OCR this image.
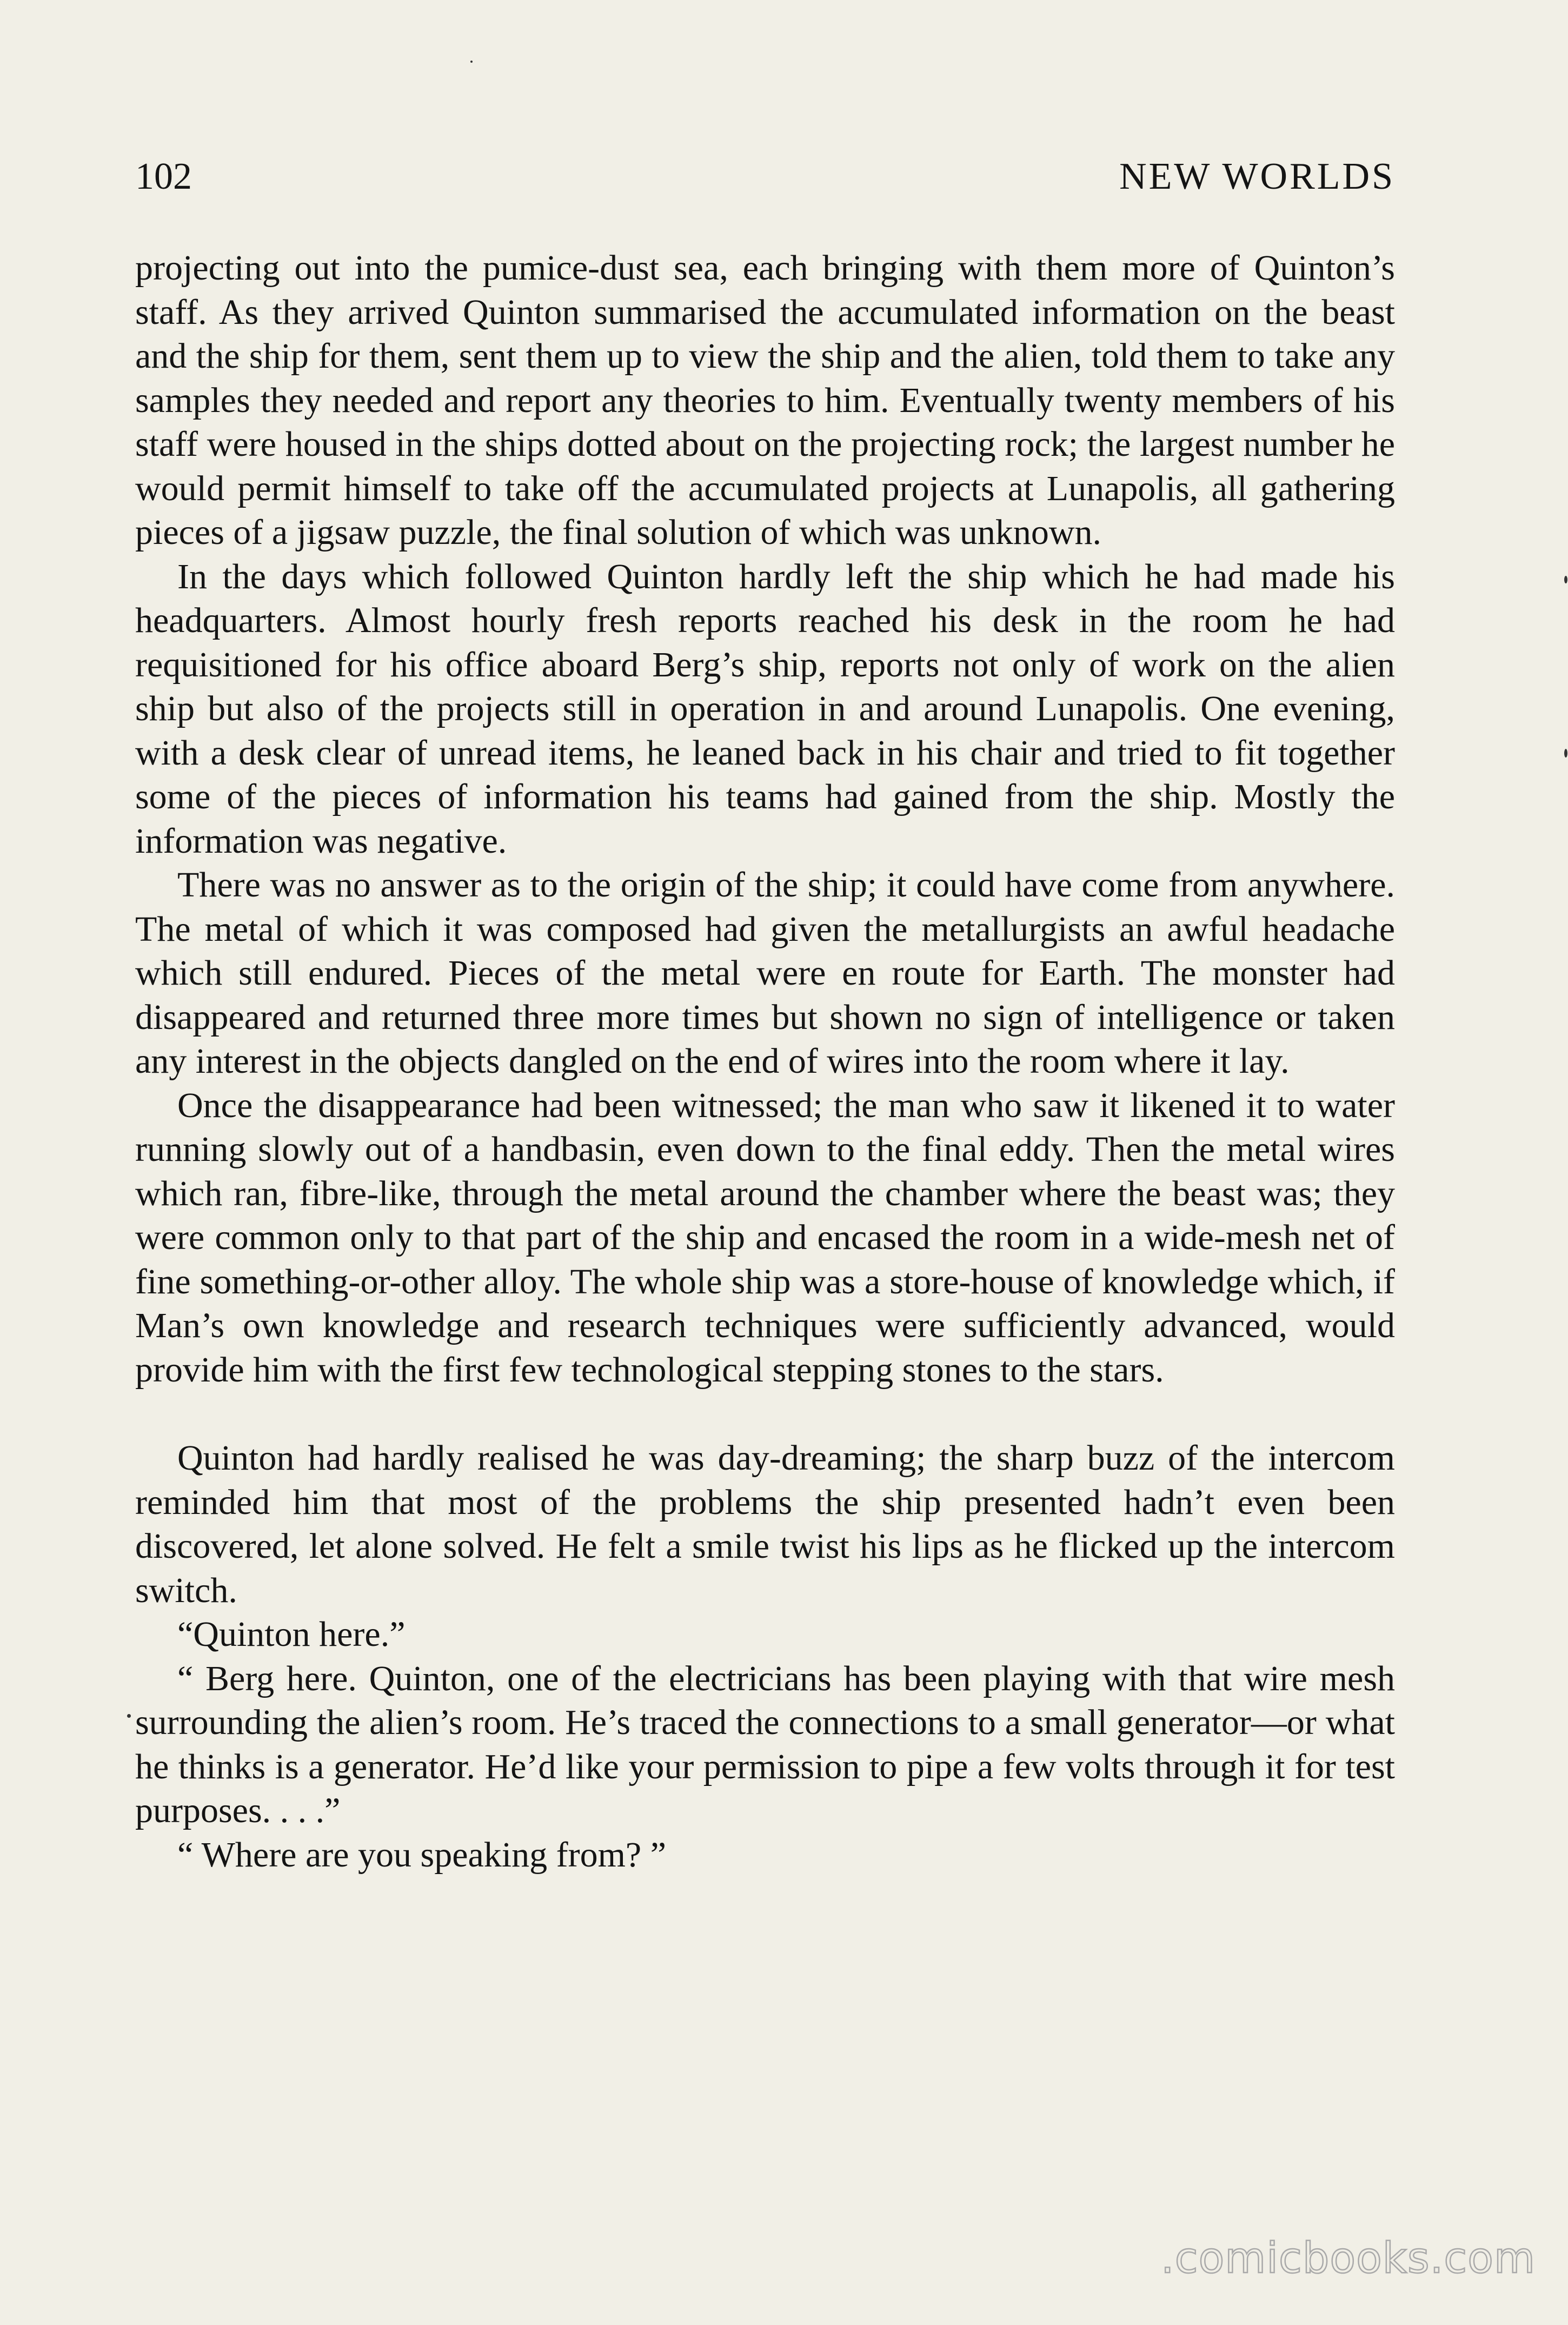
102	NEW WORLDS

projecting out into the pumice-dust sea, each bringing with them more of Quinton’s staff. As they arrived Quinton summarised the accumulated information on the beast and the ship for them, sent them up to view the ship and the alien, told them to take any samples they needed and report any theories to him. Eventually twenty members of his staff were housed in the ships dotted about on the projecting rock; the largest number he would permit himself to take off the accumulated projects at Lunapolis, all gathering pieces of a jigsaw puzzle, the final solution of which was unknown.

In the days which followed Quinton hardly left the ship which he had made his headquarters. Almost hourly fresh reports reached his desk in the room he had requisitioned for his office aboard Berg’s ship, reports not only of work on the alien ship but also of the projects still in operation in and around Lunapolis. One evening, with a desk clear of unread items, he leaned back in his chair and tried to fit together some of the pieces of information his teams had gained from the ship. Mostly the information was negative.

There was no answer as to the origin of the ship; it could have come from anywhere. The metal of which it was composed had given the metallurgists an awful headache which still endured. Pieces of the metal were en route for Earth. The monster had disappeared and returned three more times but shown no sign of intelligence or taken any interest in the objects dangled on the end of wires into the room where it lay.

Once the disappearance had been witnessed; the man who saw it likened it to water running slowly out of a handbasin, even down to the final eddy. Then the metal wires which ran, fibre-like, through the metal around the chamber where the beast was; they were common only to that part of the ship and encased the room in a wide-mesh net of fine something-or-other alloy. The whole ship was a store-house of knowledge which, if Man’s own knowledge and research techniques were sufficiently advanced, would provide him with the first few technological stepping stones to the stars.

Quinton had hardly realised he was day-dreaming; the sharp buzz of the intercom reminded him that most of the problems the ship presented hadn’t even been discovered, let alone solved. He felt a smile twist his lips as he flicked up the intercom switch.

“Quinton here.”

“ Berg here. Quinton, one of the electricians has been playing with that wire mesh surrounding the alien’s room. He’s traced the connections to a small generator—or what he thinks is a generator. He’d like your permission to pipe a few volts through it for test purposes. . . .”

“ Where are you speaking from? ”

.comicbooks.com
